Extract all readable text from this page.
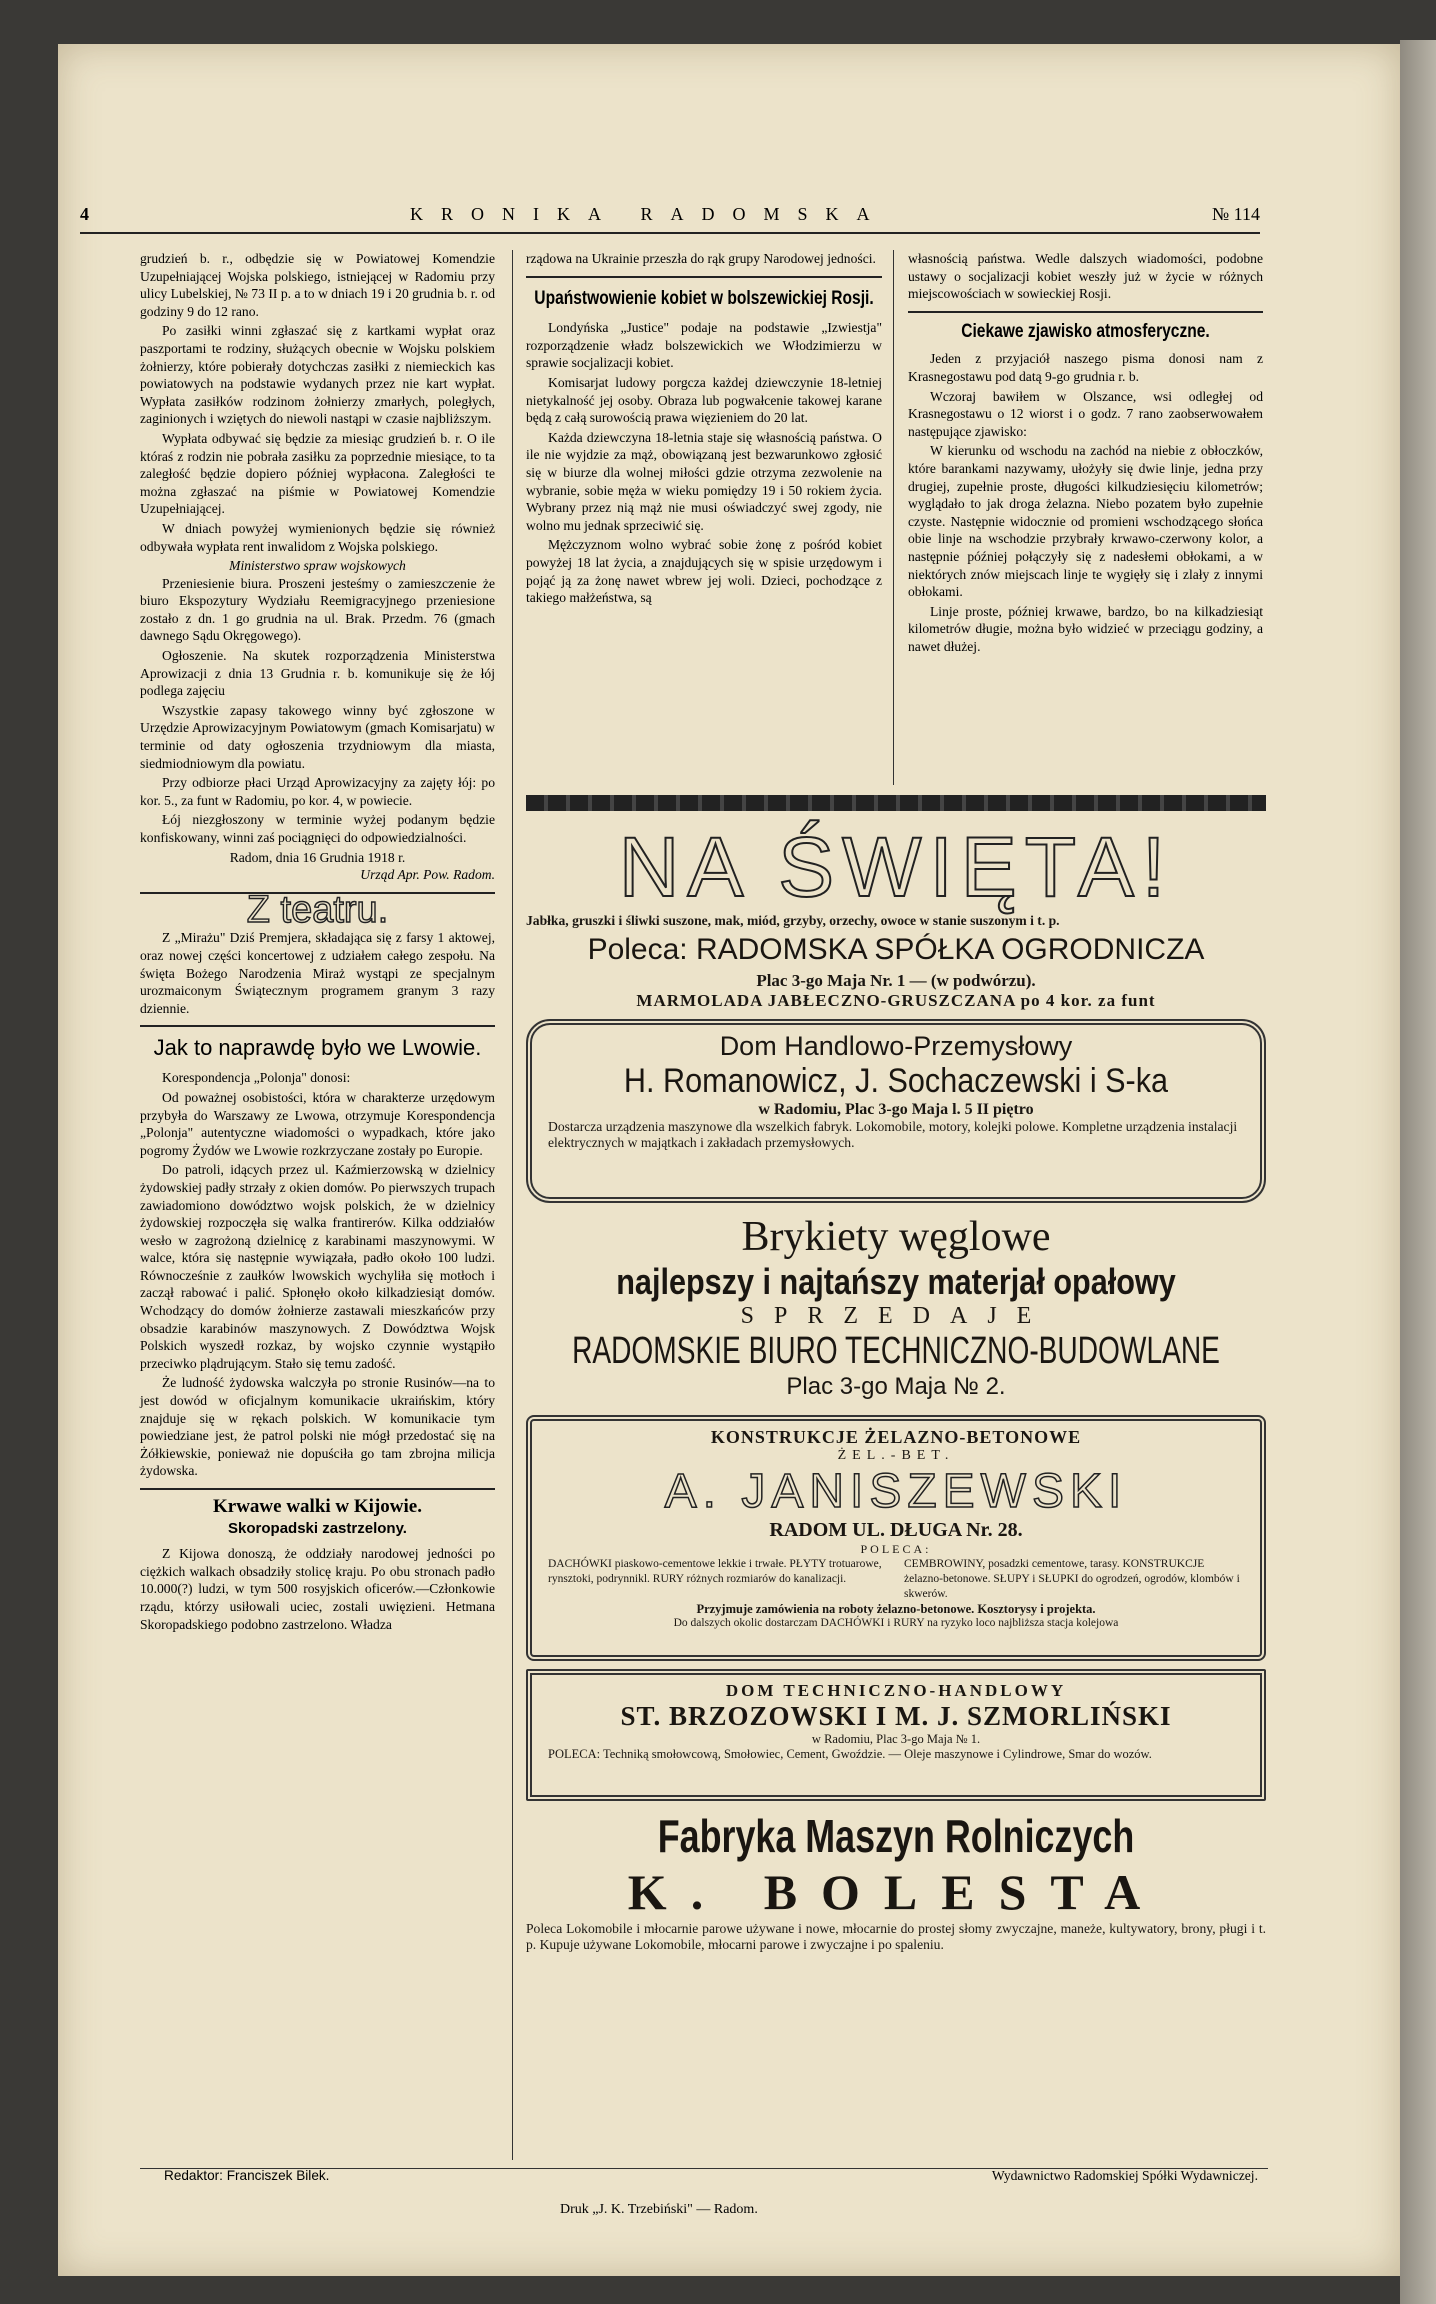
4	KRONIKA RADOMSKA	№ 114

grudzień b. r., odbędzie się w Powiatowej Komendzie Uzupełniającej Wojska polskiego, istniejącej w Radomiu przy ulicy Lubelskiej, № 73 II p. a to w dniach 19 i 20 grudnia b. r. od godziny 9 do 12 rano.

Po zasiłki winni zgłaszać się z kartkami wypłat oraz paszportami te rodziny, służących obecnie w Wojsku polskiem żołnierzy, które pobierały dotychczas zasiłki z niemieckich kas powiatowych na podstawie wydanych przez nie kart wypłat. Wypłata zasiłków rodzinom żołnierzy zmarłych, poległych, zaginionych i wziętych do niewoli nastąpi w czasie najbliższym.

Wypłata odbywać się będzie za miesiąc grudzień b. r. O ile któraś z rodzin nie pobrała zasiłku za poprzednie miesiące, to ta zaległość będzie dopiero później wypłacona. Zaległości te można zgłaszać na piśmie w Powiatowej Komendzie Uzupełniającej.

W dniach powyżej wymienionych będzie się również odbywała wypłata rent inwalidom z Wojska polskiego.

Ministerstwo spraw wojskowych

Przeniesienie biura. Proszeni jesteśmy o zamieszczenie że biuro Ekspozytury Wydziału Reemigracyjnego przeniesione zostało z dn. 1 go grudnia na ul. Brak. Przedm. 76 (gmach dawnego Sądu Okręgowego).

Ogłoszenie. Na skutek rozporządzenia Ministerstwa Aprowizacji z dnia 13 Grudnia r. b. komunikuje się że łój podlega zajęciu

Wszystkie zapasy takowego winny być zgłoszone w Urzędzie Aprowizacyjnym Powiatowym (gmach Komisarjatu) w terminie od daty ogłoszenia trzydniowym dla miasta, siedmiodniowym dla powiatu.

Przy odbiorze płaci Urząd Aprowizacyjny za zajęty łój: po kor. 5., za funt w Radomiu, po kor. 4, w powiecie.

Łój niezgłoszony w terminie wyżej podanym będzie konfiskowany, winni zaś pociągnięci do odpowiedzialności.

Radom, dnia 16 Grudnia 1918 r.
Urząd Apr. Pow. Radom.
Z teatru.

Z „Mirażu" Dziś Premjera, składająca się z farsy 1 aktowej, oraz nowej części koncertowej z udziałem całego zespołu. Na święta Bożego Narodzenia Miraż wystąpi ze specjalnym urozmaiconym Świątecznym programem granym 3 razy dziennie.

Jak to naprawdę było we Lwowie.

Korespondencja „Polonja" donosi:

Od poważnej osobistości, która w charakterze urzędowym przybyła do Warszawy ze Lwowa, otrzymuje Korespondencja „Polonja" autentyczne wiadomości o wypadkach, które jako pogromy Żydów we Lwowie rozkrzyczane zostały po Europie.

Do patroli, idących przez ul. Kaźmierzowską w dzielnicy żydowskiej padły strzały z okien domów. Po pierwszych trupach zawiadomiono dowództwo wojsk polskich, że w dzielnicy żydowskiej rozpoczęła się walka frantirerów. Kilka oddziałów wesło w zagrożoną dzielnicę z karabinami maszynowymi. W walce, która się następnie wywiązała, padło około 100 ludzi. Równocześnie z zaułków lwowskich wychyliła się motłoch i zaczął rabować i palić. Spłonęło około kilkadziesiąt domów. Wchodzący do domów żołnierze zastawali mieszkańców przy obsadzie karabinów maszynowych. Z Dowództwa Wojsk Polskich wyszedł rozkaz, by wojsko czynnie wystąpiło przeciwko plądrującym. Stało się temu zadość.

Że ludność żydowska walczyła po stronie Rusinów—na to jest dowód w oficjalnym komunikacie ukraińskim, który znajduje się w rękach polskich. W komunikacie tym powiedziane jest, że patrol polski nie mógł przedostać się na Żółkiewskie, ponieważ nie dopuściła go tam zbrojna milicja żydowska.

Krwawe walki w Kijowie.
Skoropadski zastrzelony.

Z Kijowa donoszą, że oddziały narodowej jedności po ciężkich walkach obsadziły stolicę kraju. Po obu stronach padło 10.000(?) ludzi, w tym 500 rosyjskich oficerów.—Członkowie rządu, którzy usiłowali uciec, zostali uwięzieni. Hetmana Skoropadskiego podobno zastrzelono. Władza

rządowa na Ukrainie przeszła do rąk grupy Narodowej jedności.

Upaństwowienie kobiet w bolszewickiej Rosji.

Londyńska „Justice" podaje na podstawie „Izwiestja" rozporządzenie władz bolszewickich we Włodzimierzu w sprawie socjalizacji kobiet.

Komisarjat ludowy porgcza każdej dziewczynie 18-letniej nietykalność jej osoby. Obraza lub pogwałcenie takowej karane będą z całą surowością prawa więzieniem do 20 lat.

Każda dziewczyna 18-letnia staje się własnością państwa. O ile nie wyjdzie za mąż, obowiązaną jest bezwarunkowo zgłosić się w biurze dla wolnej miłości gdzie otrzyma zezwolenie na wybranie, sobie męża w wieku pomiędzy 19 i 50 rokiem życia. Wybrany przez nią mąż nie musi oświadczyć swej zgody, nie wolno mu jednak sprzeciwić się.

Mężczyznom wolno wybrać sobie żonę z pośród kobiet powyżej 18 lat życia, a znajdujących się w spisie urzędowym i pojąć ją za żonę nawet wbrew jej woli. Dzieci, pochodzące z takiego małżeństwa, są

własnością państwa. Wedle dalszych wiadomości, podobne ustawy o socjalizacji kobiet weszły już w życie w różnych miejscowościach w sowieckiej Rosji.

Ciekawe zjawisko atmosferyczne.

Jeden z przyjaciół naszego pisma donosi nam z Krasnegostawu pod datą 9-go grudnia r. b.

Wczoraj bawiłem w Olszance, wsi odległej od Krasnegostawu o 12 wiorst i o godz. 7 rano zaobserwowałem następujące zjawisko:

W kierunku od wschodu na zachód na niebie z obłoczków, które barankami nazywamy, ułożyły się dwie linje, jedna przy drugiej, zupełnie proste, długości kilkudziesięciu kilometrów; wyglądało to jak droga żelazna. Niebo pozatem było zupełnie czyste. Następnie widocznie od promieni wschodzącego słońca obie linje na wschodzie przybrały krwawo-czerwony kolor, a następnie później połączyły się z nadesłemi obłokami, a w niektórych znów miejscach linje te wygięły się i zlały z innymi obłokami.

Linje proste, później krwawe, bardzo, bo na kilkadziesiąt kilometrów długie, można było widzieć w przeciągu godziny, a nawet dłużej.

NA ŚWIĘTA!
Jabłka, gruszki i śliwki suszone, mak, miód, grzyby, orzechy, owoce w stanie suszonym i t. p.
Poleca: RADOMSKA SPÓŁKA OGRODNICZA
Plac 3-go Maja Nr. 1 — (w podwórzu).
MARMOLADA JABŁECZNO-GRUSZCZANA po 4 kor. za funt
Dom Handlowo-Przemysłowy
H. Romanowicz, J. Sochaczewski i S-ka
w Radomiu, Plac 3-go Maja l. 5 II piętro
Dostarcza urządzenia maszynowe dla wszelkich fabryk. Lokomobile, motory, kolejki polowe. Kompletne urządzenia instalacji elektrycznych w majątkach i zakładach przemysłowych.
Brykiety węglowe
najlepszy i najtańszy materjał opałowy
SPRZEDAJE
RADOMSKIE BIURO TECHNICZNO-BUDOWLANE
Plac 3-go Maja № 2.
KONSTRUKCJE ŻELAZNO-BETONOWE
ŻEL.-BET.
A. JANISZEWSKI
RADOM UL. DŁUGA Nr. 28.
POLECA:
DACHÓWKI piaskowo-cementowe lekkie i trwałe. PŁYTY trotuarowe, rynsztoki, podrynnikl. RURY różnych rozmiarów do kanalizacji.
CEMBROWINY, posadzki cementowe, tarasy. KONSTRUKCJE żelazno-betonowe. SŁUPY i SŁUPKI do ogrodzeń, ogrodów, klombów i skwerów.
Przyjmuje zamówienia na roboty żelazno-betonowe. Kosztorysy i projekta.
Do dalszych okolic dostarczam DACHÓWKI i RURY na ryzyko loco najbliższa stacja kolejowa
DOM TECHNICZNO-HANDLOWY
ST. BRZOZOWSKI I M. J. SZMORLIŃSKI
w Radomiu, Plac 3-go Maja № 1.
POLECA: Techniką smołowcową, Smołowiec, Cement, Gwoździe. — Oleje maszynowe i Cylindrowe, Smar do wozów.
Fabryka Maszyn Rolniczych
K. BOLESTA
Poleca Lokomobile i młocarnie parowe używane i nowe, młocarnie do prostej słomy zwyczajne, maneże, kultywatory, brony, pługi i t. p. Kupuje używane Lokomobile, młocarni parowe i zwyczajne i po spaleniu.
Redaktor: Franciszek Bilek.	Wydawnictwo Radomskiej Spółki Wydawniczej.
Druk „J. K. Trzebiński" — Radom.
